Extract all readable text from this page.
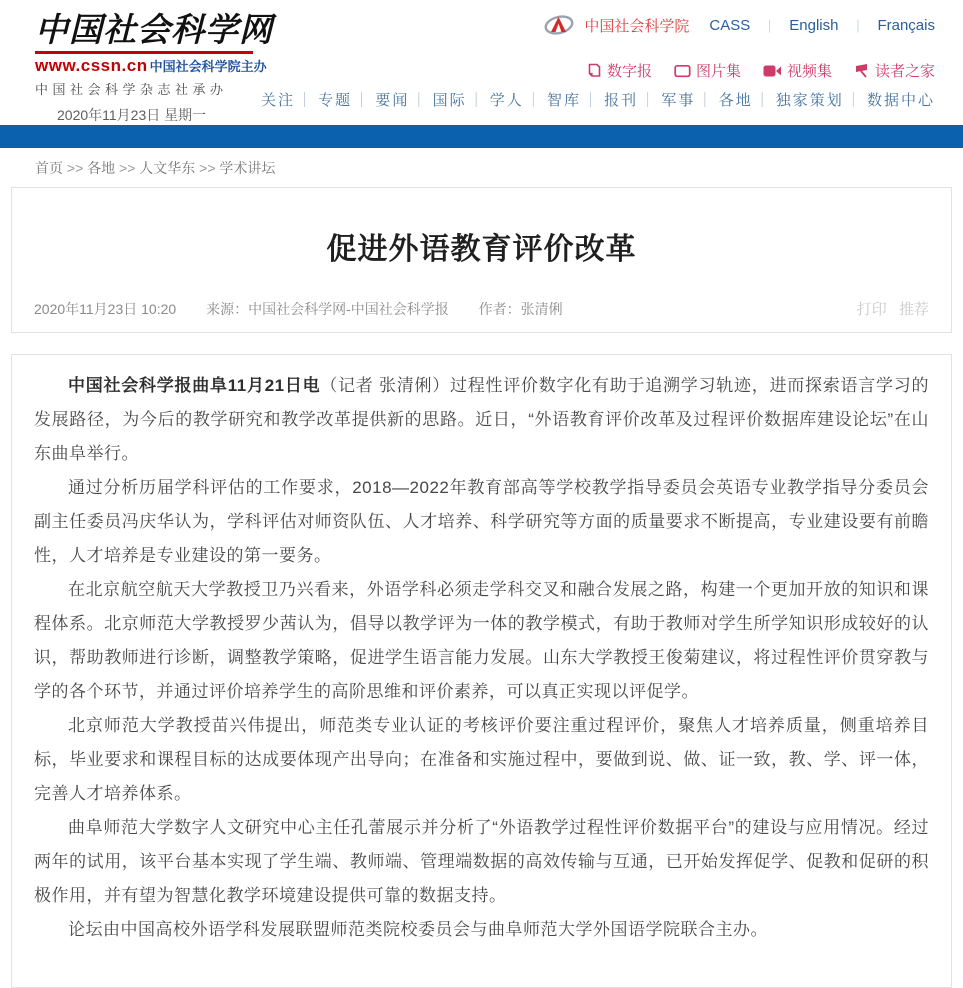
中国社会科学网
www.cssn.cn 中国社会科学院主办
中国社会科学杂志社承办
2020年11月23日 星期一
中国社会科学院 CASS ｜ English ｜ Français
数字报	图片集	视频集	读者之家
关注 ｜ 专题 ｜ 要闻 ｜ 国际 ｜ 学人 ｜ 智库 ｜ 报刊 ｜ 军事 ｜ 各地 ｜ 独家策划 ｜ 数据中心
首页 >> 各地 >> 人文华东 >> 学术讲坛
促进外语教育评价改革
2020年11月23日 10:20 来源：中国社会科学网-中国社会科学报 作者：张清俐	打印 推荐

中国社会科学报曲阜11月21日电（记者 张清俐）过程性评价数字化有助于追溯学习轨迹，进而探索语言学习的发展路径，为今后的教学研究和教学改革提供新的思路。近日，“外语教育评价改革及过程评价数据库建设论坛”在山东曲阜举行。

通过分析历届学科评估的工作要求，2018—2022年教育部高等学校教学指导委员会英语专业教学指导分委员会副主任委员冯庆华认为，学科评估对师资队伍、人才培养、科学研究等方面的质量要求不断提高，专业建设要有前瞻性，人才培养是专业建设的第一要务。

在北京航空航天大学教授卫乃兴看来，外语学科必须走学科交叉和融合发展之路，构建一个更加开放的知识和课程体系。北京师范大学教授罗少茜认为，倡导以教学评为一体的教学模式，有助于教师对学生所学知识形成较好的认识，帮助教师进行诊断，调整教学策略，促进学生语言能力发展。山东大学教授王俊菊建议，将过程性评价贯穿教与学的各个环节，并通过评价培养学生的高阶思维和评价素养，可以真正实现以评促学。

北京师范大学教授苗兴伟提出，师范类专业认证的考核评价要注重过程评价，聚焦人才培养质量，侧重培养目标，毕业要求和课程目标的达成要体现产出导向；在准备和实施过程中，要做到说、做、证一致，教、学、评一体，完善人才培养体系。

曲阜师范大学数字人文研究中心主任孔蕾展示并分析了“外语教学过程性评价数据平台”的建设与应用情况。经过两年的试用，该平台基本实现了学生端、教师端、管理端数据的高效传输与互通，已开始发挥促学、促教和促研的积极作用，并有望为智慧化教学环境建设提供可靠的数据支持。

论坛由中国高校外语学科发展联盟师范类院校委员会与曲阜师范大学外国语学院联合主办。
